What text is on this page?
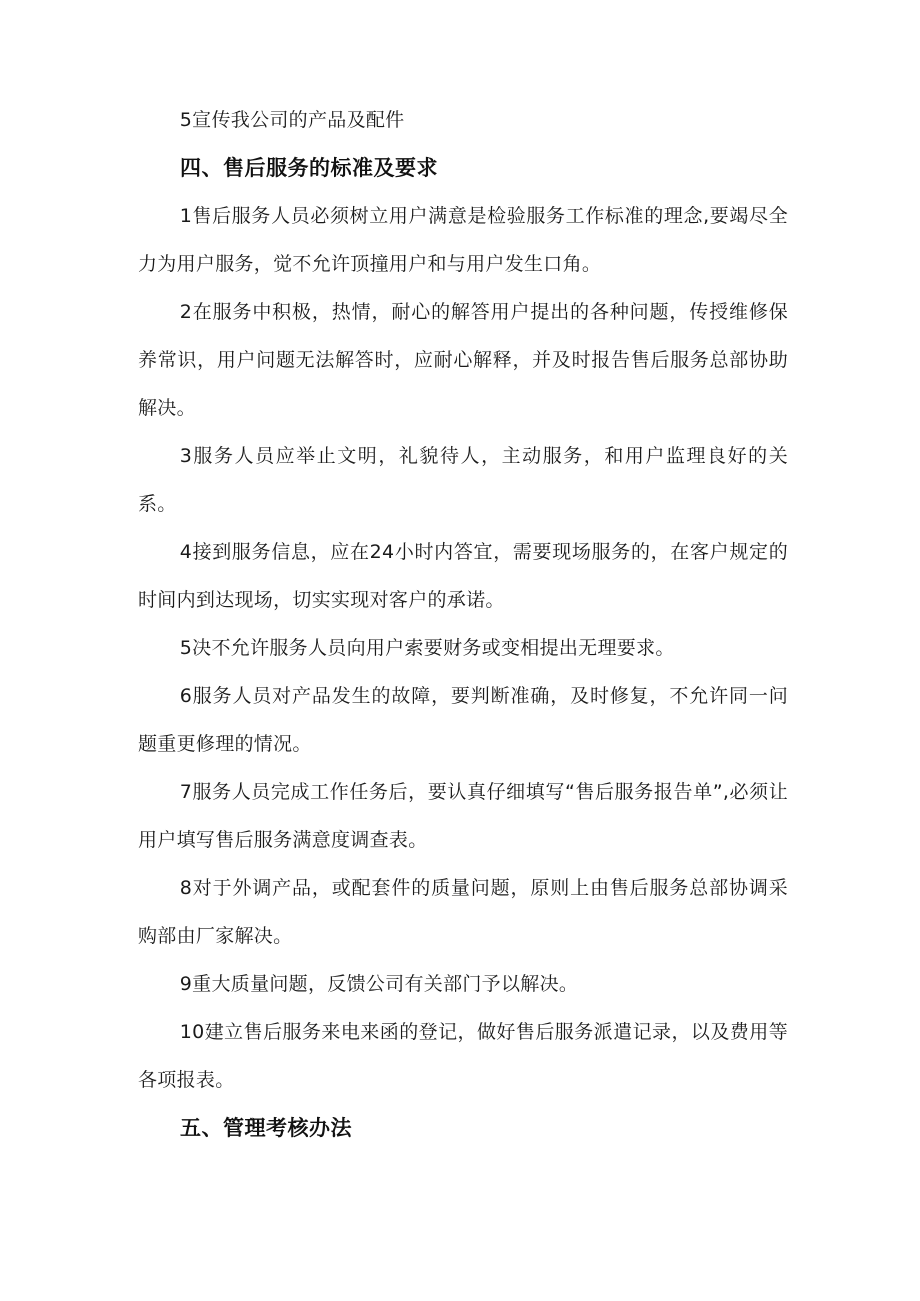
5宣传我公司的产品及配件

四、售后服务的标准及要求

1售后服务人员必须树立用户满意是检验服务工作标准的理念,要竭尽全力为用户服务，觉不允许顶撞用户和与用户发生口角。

2在服务中积极，热情，耐心的解答用户提出的各种问题，传授维修保养常识，用户问题无法解答时，应耐心解释，并及时报告售后服务总部协助解决。

3服务人员应举止文明，礼貌待人，主动服务，和用户监理良好的关系。

4接到服务信息，应在24小时内答宜，需要现场服务的，在客户规定的时间内到达现场，切实实现对客户的承诺。

5决不允许服务人员向用户索要财务或变相提出无理要求。

6服务人员对产品发生的故障，要判断准确，及时修复，不允许同一问题重更修理的情况。

7服务人员完成工作任务后，要认真仔细填写“售后服务报告单”,必须让用户填写售后服务满意度调查表。

8对于外调产品，或配套件的质量问题，原则上由售后服务总部协调采购部由厂家解决。

9重大质量问题，反馈公司有关部门予以解决。

10建立售后服务来电来函的登记，做好售后服务派遣记录，以及费用等各项报表。

五、管理考核办法
